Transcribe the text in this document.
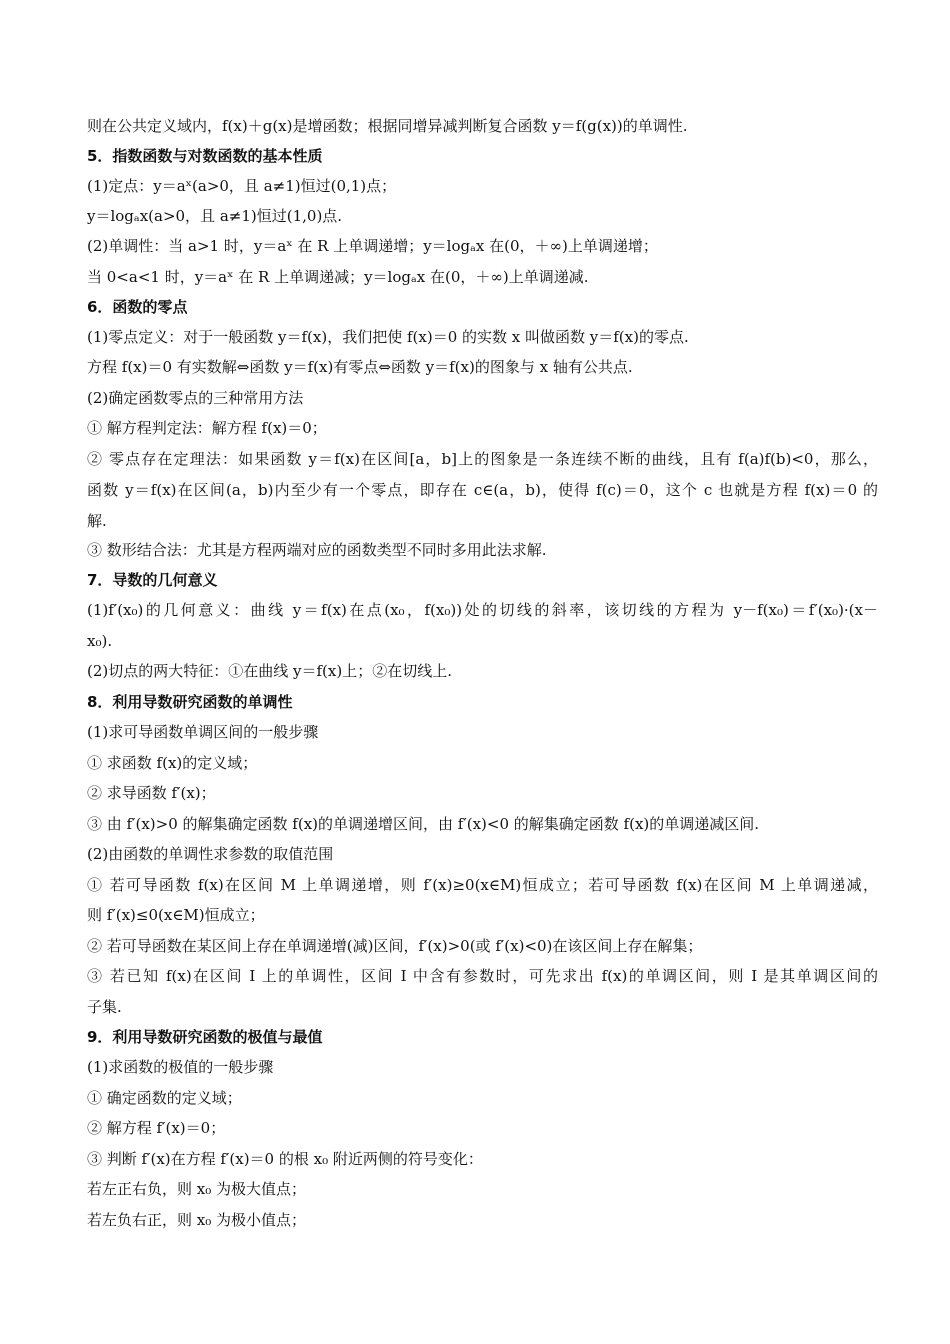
则在公共定义域内，f(x)＋g(x)是增函数；根据同增异减判断复合函数 y＝f(g(x))的单调性.
5．指数函数与对数函数的基本性质
(1)定点：y＝aˣ(a>0，且 a≠1)恒过(0,1)点；
y＝logₐx(a>0，且 a≠1)恒过(1,0)点.
(2)单调性：当 a>1 时，y＝aˣ 在 R 上单调递增；y＝logₐx 在(0，＋∞)上单调递增；
当 0<a<1 时，y＝aˣ 在 R 上单调递减；y＝logₐx 在(0，＋∞)上单调递减.
6．函数的零点
(1)零点定义：对于一般函数 y＝f(x)，我们把使 f(x)＝0 的实数 x 叫做函数 y＝f(x)的零点.
方程 f(x)＝0 有实数解⇔函数 y＝f(x)有零点⇔函数 y＝f(x)的图象与 x 轴有公共点.
(2)确定函数零点的三种常用方法
① 解方程判定法：解方程 f(x)＝0；
② 零点存在定理法：如果函数 y＝f(x)在区间[a，b]上的图象是一条连续不断的曲线，且有 f(a)f(b)<0，那么，
函数 y＝f(x)在区间(a，b)内至少有一个零点，即存在 c∈(a，b)，使得 f(c)＝0，这个 c 也就是方程 f(x)＝0 的
解.
③ 数形结合法：尤其是方程两端对应的函数类型不同时多用此法求解.
7．导数的几何意义
(1)f′(x₀)的几何意义：曲线 y＝f(x)在点(x₀，f(x₀))处的切线的斜率，该切线的方程为 y－f(x₀)＝f′(x₀)·(x－
x₀).
(2)切点的两大特征：①在曲线 y＝f(x)上；②在切线上.
8．利用导数研究函数的单调性
(1)求可导函数单调区间的一般步骤
① 求函数 f(x)的定义域；
② 求导函数 f′(x)；
③ 由 f′(x)>0 的解集确定函数 f(x)的单调递增区间，由 f′(x)<0 的解集确定函数 f(x)的单调递减区间.
(2)由函数的单调性求参数的取值范围
① 若可导函数 f(x)在区间 M 上单调递增，则 f′(x)≥0(x∈M)恒成立；若可导函数 f(x)在区间 M 上单调递减，
则 f′(x)≤0(x∈M)恒成立；
② 若可导函数在某区间上存在单调递增(减)区间，f′(x)>0(或 f′(x)<0)在该区间上存在解集；
③ 若已知 f(x)在区间 I 上的单调性，区间 I 中含有参数时，可先求出 f(x)的单调区间，则 I 是其单调区间的
子集.
9．利用导数研究函数的极值与最值
(1)求函数的极值的一般步骤
① 确定函数的定义域；
② 解方程 f′(x)＝0；
③ 判断 f′(x)在方程 f′(x)＝0 的根 x₀ 附近两侧的符号变化：
若左正右负，则 x₀ 为极大值点；
若左负右正，则 x₀ 为极小值点；
